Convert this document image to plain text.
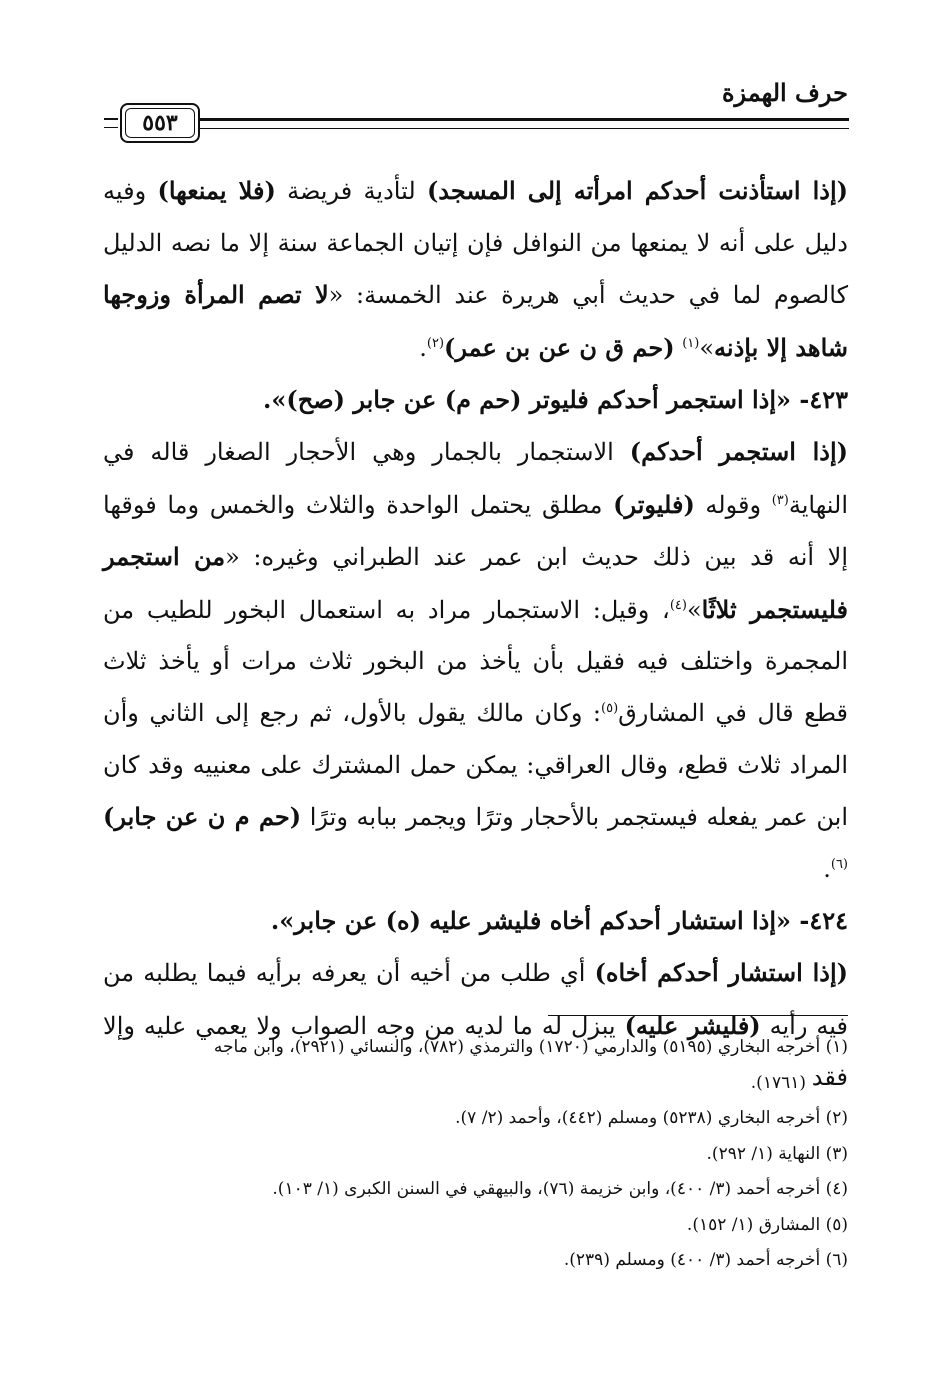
حرف الهمزة
٥٥٣

(إذا استأذنت أحدكم امرأته إلى المسجد) لتأدية فريضة (فلا يمنعها) وفيه دليل على أنه لا يمنعها من النوافل فإن إتيان الجماعة سنة إلا ما نصه الدليل كالصوم لما في حديث أبي هريرة عند الخمسة: «لا تصم المرأة وزوجها شاهد إلا بإذنه»$^{(١)}$ (حم ق ن عن بن عمر)$^{(٢)}$.

٤٢٣- «إذا استجمر أحدكم فليوتر (حم م) عن جابر (صح)».

(إذا استجمر أحدكم) الاستجمار بالجمار وهي الأحجار الصغار قاله في النهاية$^{(٣)}$ وقوله (فليوتر) مطلق يحتمل الواحدة والثلاث والخمس وما فوقها إلا أنه قد بين ذلك حديث ابن عمر عند الطبراني وغيره: «من استجمر فليستجمر ثلاثًا»$^{(٤)}$، وقيل: الاستجمار مراد به استعمال البخور للطيب من المجمرة واختلف فيه فقيل بأن يأخذ من البخور ثلاث مرات أو يأخذ ثلاث قطع قال في المشارق$^{(٥)}$: وكان مالك يقول بالأول، ثم رجع إلى الثاني وأن المراد ثلاث قطع، وقال العراقي: يمكن حمل المشترك على معنييه وقد كان ابن عمر يفعله فيستجمر بالأحجار وترًا ويجمر ببابه وترًا (حم م ن عن جابر)$^{(٦)}$.

٤٢٤- «إذا استشار أحدكم أخاه فليشر عليه (ه) عن جابر».

(إذا استشار أحدكم أخاه) أي طلب من أخيه أن يعرفه برأيه فيما يطلبه من فيه رأيه (فليشر عليه) يبزل له ما لديه من وجه الصواب ولا يعمي عليه وإلا فقد

(١) أخرجه البخاري (٥١٩٥) والدارمي (١٧٢٠) والترمذي (٧٨٢)، والنسائي (٢٩٢١)، وابن ماجه
(١٧٦١).
(٢) أخرجه البخاري (٥٢٣٨) ومسلم (٤٤٢)، وأحمد (٢/ ٧).
(٣) النهاية (١/ ٢٩٢).
(٤) أخرجه أحمد (٣/ ٤٠٠)، وابن خزيمة (٧٦)، والبيهقي في السنن الكبرى (١/ ١٠٣).
(٥) المشارق (١/ ١٥٢).
(٦) أخرجه أحمد (٣/ ٤٠٠) ومسلم (٢٣٩).
